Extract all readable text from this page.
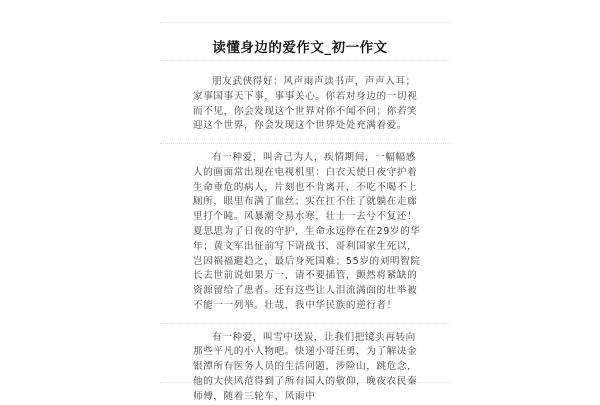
读懂身边的爱作文_初一作文

朋友武俠得好：风声雨声读书声，声声入耳；家事国事天下事，事事关心。你若对身边的一切视而不见，你会发现这个世界对你不闻不问；你若笑迎这个世界，你会发现这个世界处处充满着爱。

有一种爱，叫舍己为人，疾情期间，一幅幅感人的画面常出现在电视机里：白衣天使日夜守护着生命垂危的病人，片刻也不肯离开，不吃不喝不上厕所，眼里布满了血丝；实在扛不住了就躺在走廊里打个盹。风暴潮令易水寒，壮士一去兮不复还！夏思思为了日夜的守护，生命永远停在在29岁的华年；黄文军出征前写下请战书，哥利国家生死以，岂因祸福避趋之，最后身死国难；55岁的刘明智院长去世前说如果万一，请不要插管，颤然将紧缺的资源留给了患者。还有这些让人泪流满面的壮举被不能一一列举。壮哉，我中华民族的逆行者！

有一种爱，叫雪中送炭，让我们把镜头再转向那些平凡的小人物吧。快递小哥汪勇，为了解决金银潭所有医务人员的生活问题，涉险山，跳危念，他的大侠风范得到了所有国人的敬仰，晚夜农民秦师傅，随着三轮车，风雨中
